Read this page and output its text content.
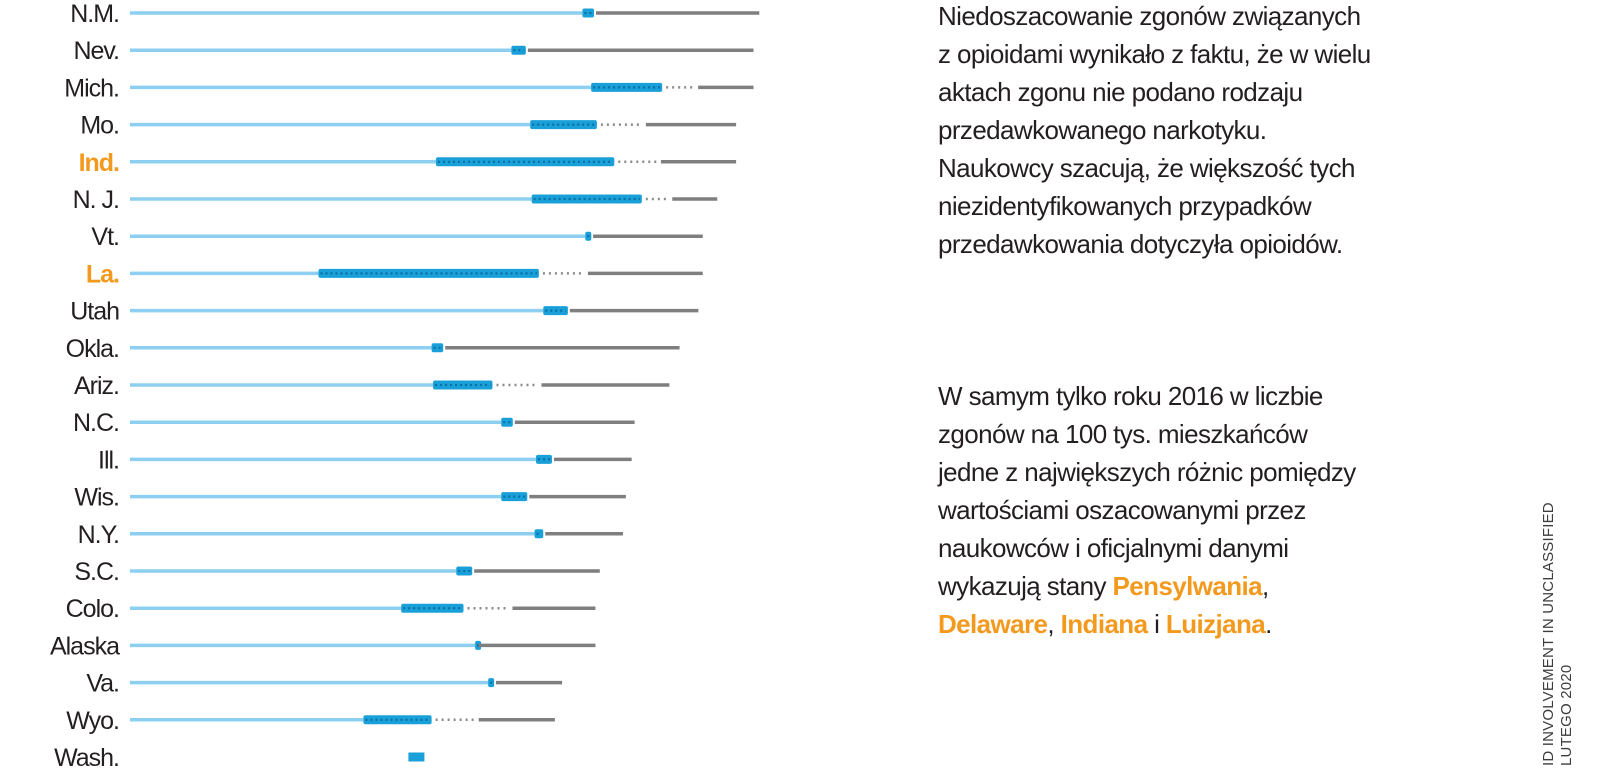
N.M.
Nev.
Mich.
Mo.
Ind.
N. J.
Vt.
La.
Utah
Okla.
Ariz.
N.C.
Ill.
Wis.
N.Y.
S.C.
Colo.
Alaska
Va.
Wyo.
Wash.

Niedoszacowanie zgonów związanych
z opioidami wynikało z faktu, że w wielu
aktach zgonu nie podano rodzaju
przedawkowanego narkotyku.
Naukowcy szacują, że większość tych
niezidentyfikowanych przypadków
przedawkowania dotyczyła opioidów.

W samym tylko roku 2016 w liczbie
zgonów na 100 tys. mieszkańców
jedne z największych różnic pomiędzy
wartościami oszacowanymi przez
naukowców i oficjalnymi danymi
wykazują stany Pensylwania,
Delaware, Indiana i Luizjana.	ID INVOLVEMENT IN UNCLASSIFIED LUTEGO 2020
